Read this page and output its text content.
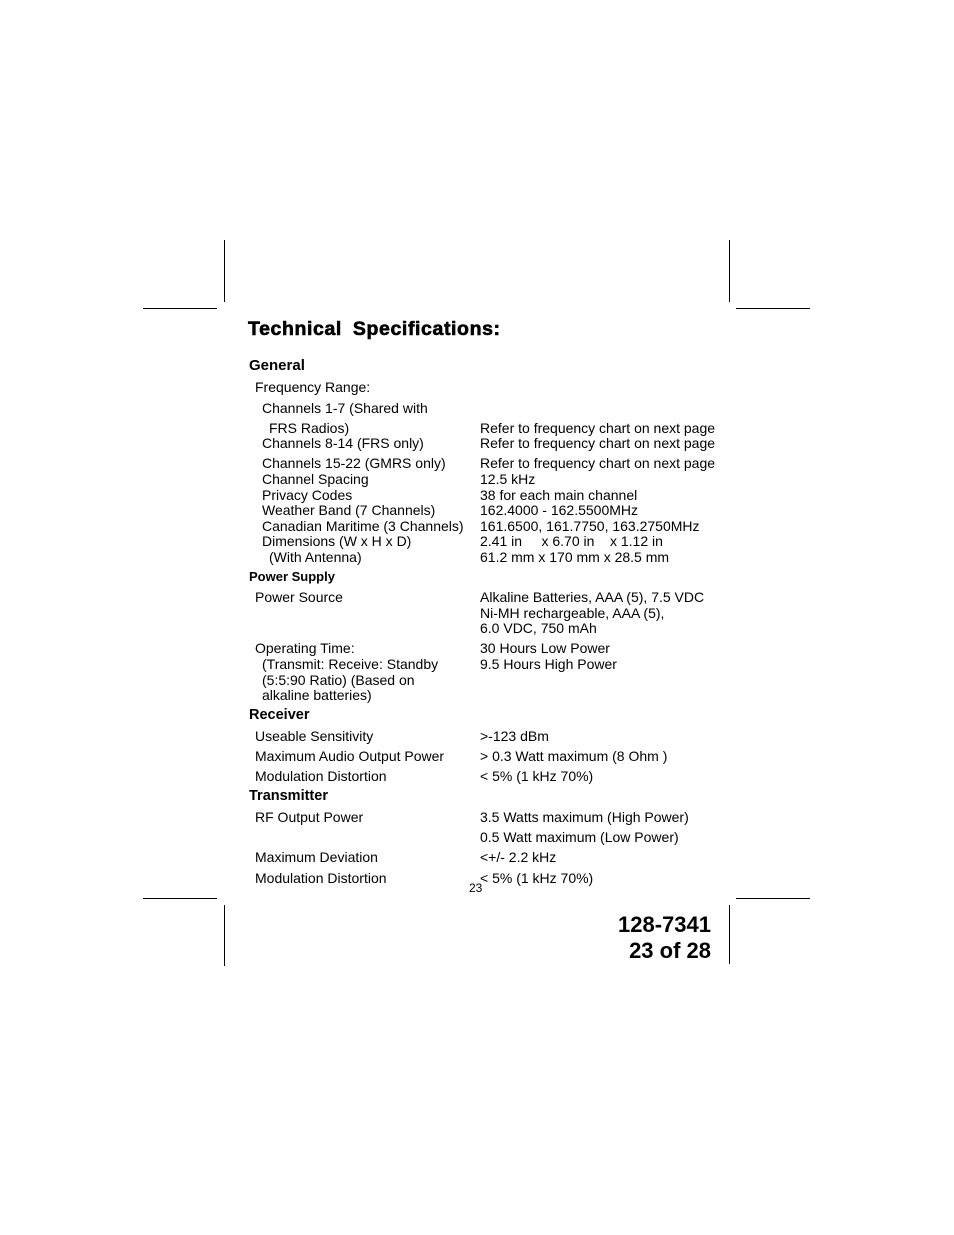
Technical Specifications:
General
Frequency Range:
Channels 1-7 (Shared with
FRS Radios)	Refer to frequency chart on next page
Channels 8-14 (FRS only)	Refer to frequency chart on next page
Channels 15-22 (GMRS only) Refer to frequency chart on next page
Channel Spacing	12.5 kHz
Privacy Codes	38 for each main channel
Weather Band (7 Channels)	162.4000 - 162.5500MHz
Canadian Maritime (3 Channels) 161.6500, 161.7750, 163.2750MHz
Dimensions (W x H x D)	2.41 in     x 6.70 in    x 1.12 in
(With Antenna)	61.2 mm x 170 mm x 28.5 mm
Power Supply
Power Source	Alkaline Batteries, AAA (5), 7.5 VDC
Ni-MH rechargeable, AAA (5),
6.0 VDC, 750 mAh
Operating Time:	30 Hours Low Power
(Transmit: Receive: Standby	9.5 Hours High Power
(5:5:90 Ratio) (Based on
alkaline batteries)
Receiver
Useable Sensitivity	>-123 dBm
Maximum Audio Output Power	> 0.3 Watt maximum (8 Ohm )
Modulation Distortion	< 5% (1 kHz 70%)
Transmitter
RF Output Power	3.5 Watts maximum (High Power)
0.5 Watt maximum (Low Power)
Maximum Deviation	<+/- 2.2 kHz
Modulation Distortion	< 5% (1 kHz 70%)
23
128-7341
23 of 28
